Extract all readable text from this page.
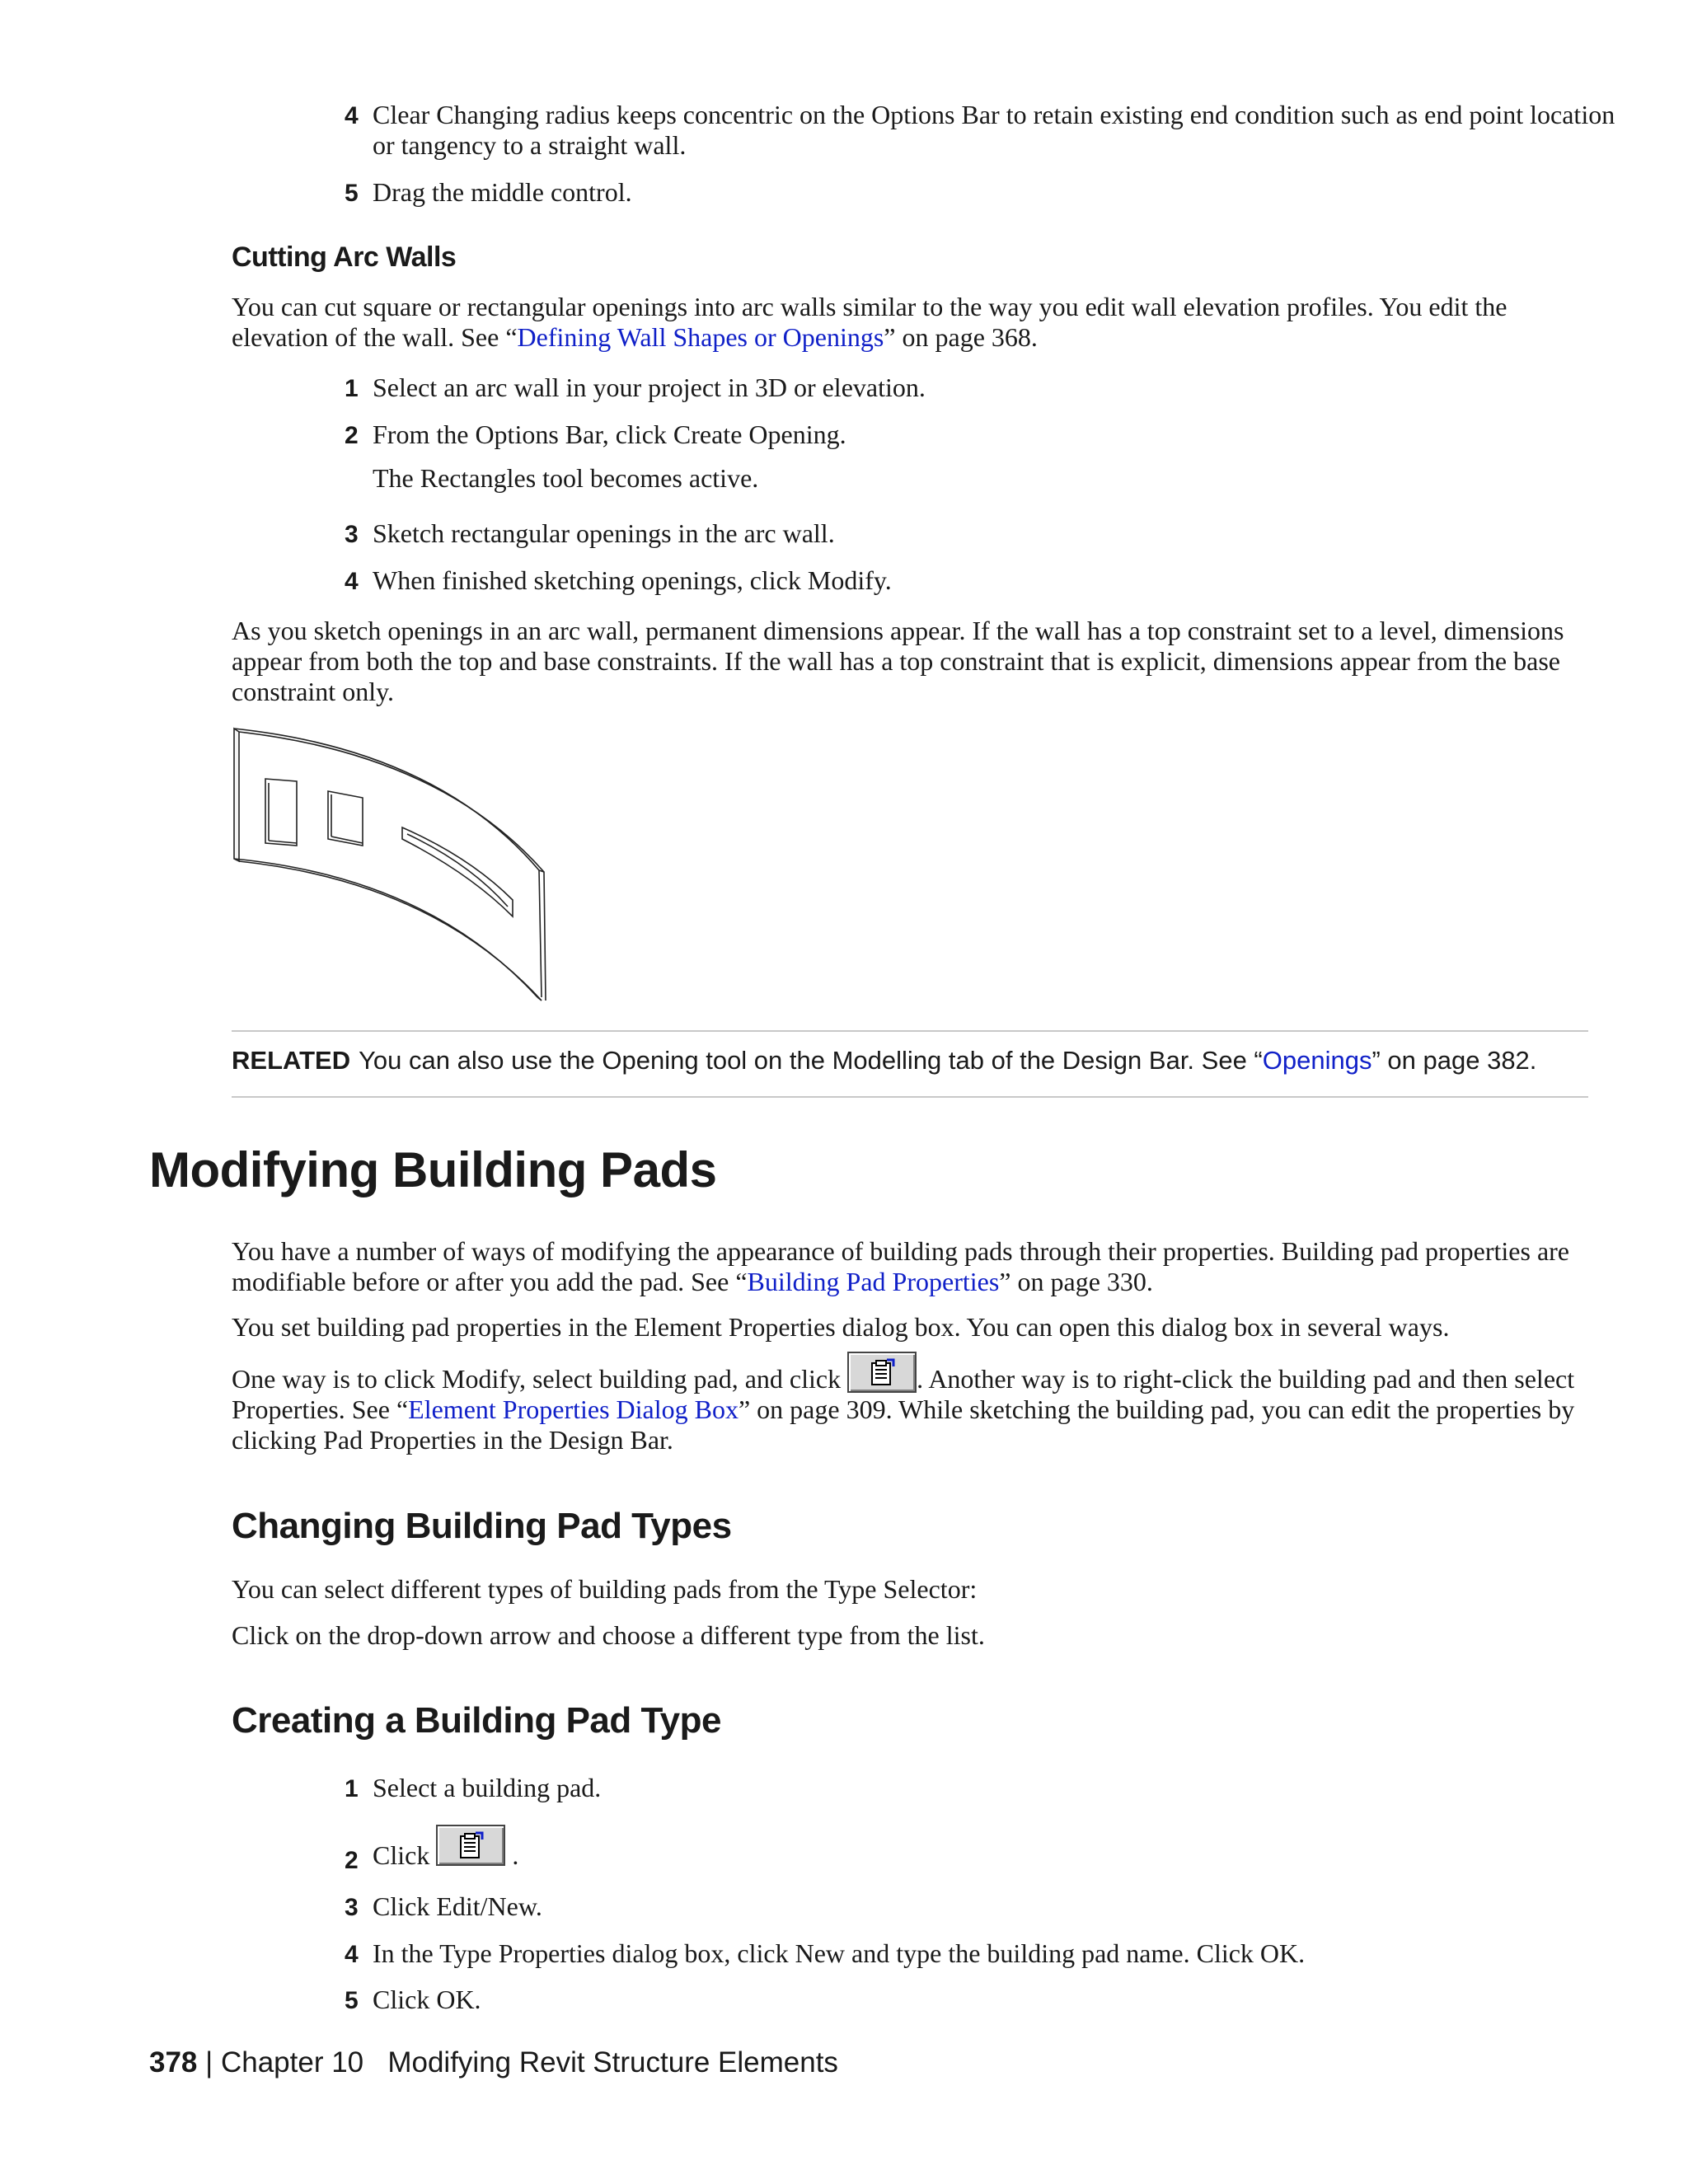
4 Clear Changing radius keeps concentric on the Options Bar to retain existing end condition such as end point location or tangency to a straight wall.
5 Drag the middle control.
Cutting Arc Walls

You can cut square or rectangular openings into arc walls similar to the way you edit wall elevation profiles. You edit the elevation of the wall. See “Defining Wall Shapes or Openings” on page 368.

1 Select an arc wall in your project in 3D or elevation.
2 From the Options Bar, click Create Opening.

The Rectangles tool becomes active.

3 Sketch rectangular openings in the arc wall.
4 When finished sketching openings, click Modify.

As you sketch openings in an arc wall, permanent dimensions appear. If the wall has a top constraint set to a level, dimensions appear from both the top and base constraints. If the wall has a top constraint that is explicit, dimensions appear from the base constraint only.

RELATED You can also use the Opening tool on the Modelling tab of the Design Bar. See “Openings” on page 382.

Modifying Building Pads

You have a number of ways of modifying the appearance of building pads through their properties. Building pad properties are modifiable before or after you add the pad. See “Building Pad Properties” on page 330.

You set building pad properties in the Element Properties dialog box. You can open this dialog box in several ways.

One way is to click Modify, select building pad, and click	. Another way is to right-click the building pad and then select Properties. See “Element Properties Dialog Box” on page 309. While sketching the building pad, you can edit the properties by clicking Pad Properties in the Design Bar.

Changing Building Pad Types

You can select different types of building pads from the Type Selector:

Click on the drop-down arrow and choose a different type from the list.

Creating a Building Pad Type
1 Select a building pad.
2 Click	.
3 Click Edit/New.
4 In the Type Properties dialog box, click New and type the building pad name. Click OK.
5 Click OK.
378 | Chapter 10 Modifying Revit Structure Elements
